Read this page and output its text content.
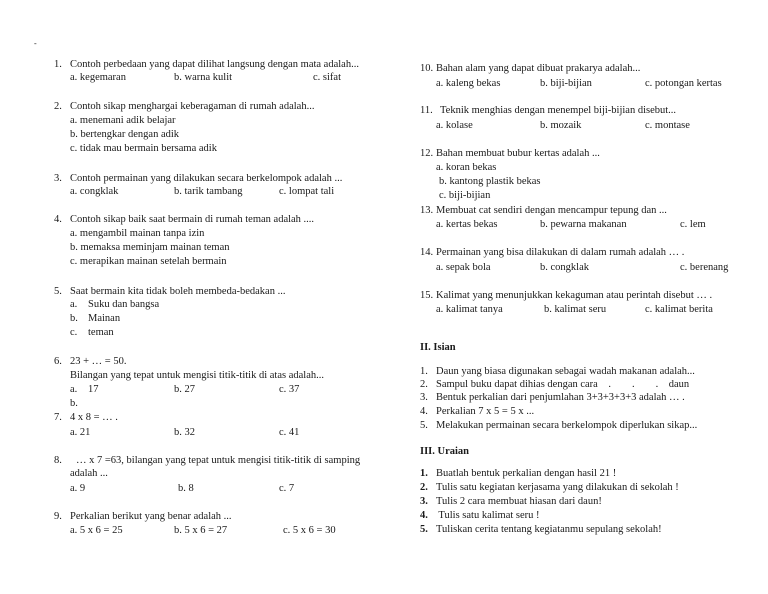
-
1. Contoh perbedaan yang dapat dilihat langsung dengan mata adalah...
a. kegemaran	b. warna kulit	c. sifat
2. Contoh sikap menghargai keberagaman di rumah adalah...
a. menemani adik belajar
b. bertengkar dengan adik
c. tidak mau bermain bersama adik
3. Contoh permainan yang dilakukan secara berkelompok adalah ...
a. congklak	b. tarik tambang	c. lompat tali
4. Contoh sikap baik saat bermain di rumah teman adalah ....
a. mengambil mainan tanpa izin
b. memaksa meminjam mainan teman
c. merapikan mainan setelah bermain
5. Saat bermain kita tidak boleh membeda-bedakan ...
a. Suku dan bangsa
b. Mainan
c. teman
6. 23 + … = 50.
Bilangan yang tepat untuk mengisi titik-titik di atas adalah...
a. 17	b. 27	c. 37
b.
7. 4 x 8 = … .
a. 21	b. 32	c. 41
8. … x 7 =63, bilangan yang tepat untuk mengisi titik-titik di samping
adalah ...
a. 9	b. 8	c. 7
9. Perkalian berikut yang benar adalah ...
a. 5 x 6 = 25	b. 5 x 6 = 27	c. 5 x 6 = 30
10. Bahan alam yang dapat dibuat prakarya adalah...
a. kaleng bekas	b. biji-bijian	c. potongan kertas
11. Teknik menghias dengan menempel biji-bijian disebut...
a. kolase	b. mozaik	c. montase
12. Bahan membuat bubur kertas adalah ...
a. koran bekas
b. kantong plastik bekas
c. biji-bijian
13. Membuat cat sendiri dengan mencampur tepung dan ...
a. kertas bekas	b. pewarna makanan	c. lem
14. Permainan yang bisa dilakukan di dalam rumah adalah … .
a. sepak bola	b. congklak	c. berenang
15. Kalimat yang menunjukkan kekaguman atau perintah disebut … .
a. kalimat tanya	b. kalimat seru	c. kalimat berita
II. Isian
1. Daun yang biasa digunakan sebagai wadah makanan adalah...
2. Sampul buku dapat dihias dengan cara    .        .        .    daun
3. Bentuk perkalian dari penjumlahan 3+3+3+3+3 adalah … .
4. Perkalian 7 x 5 = 5 x ...
5. Melakukan permainan secara berkelompok diperlukan sikap...
III. Uraian
1. Buatlah bentuk perkalian dengan hasil 21 !
2. Tulis satu kegiatan kerjasama yang dilakukan di sekolah !
3. Tulis 2 cara membuat hiasan dari daun!
4. Tulis satu kalimat seru !
5. Tuliskan cerita tentang kegiatanmu sepulang sekolah!
